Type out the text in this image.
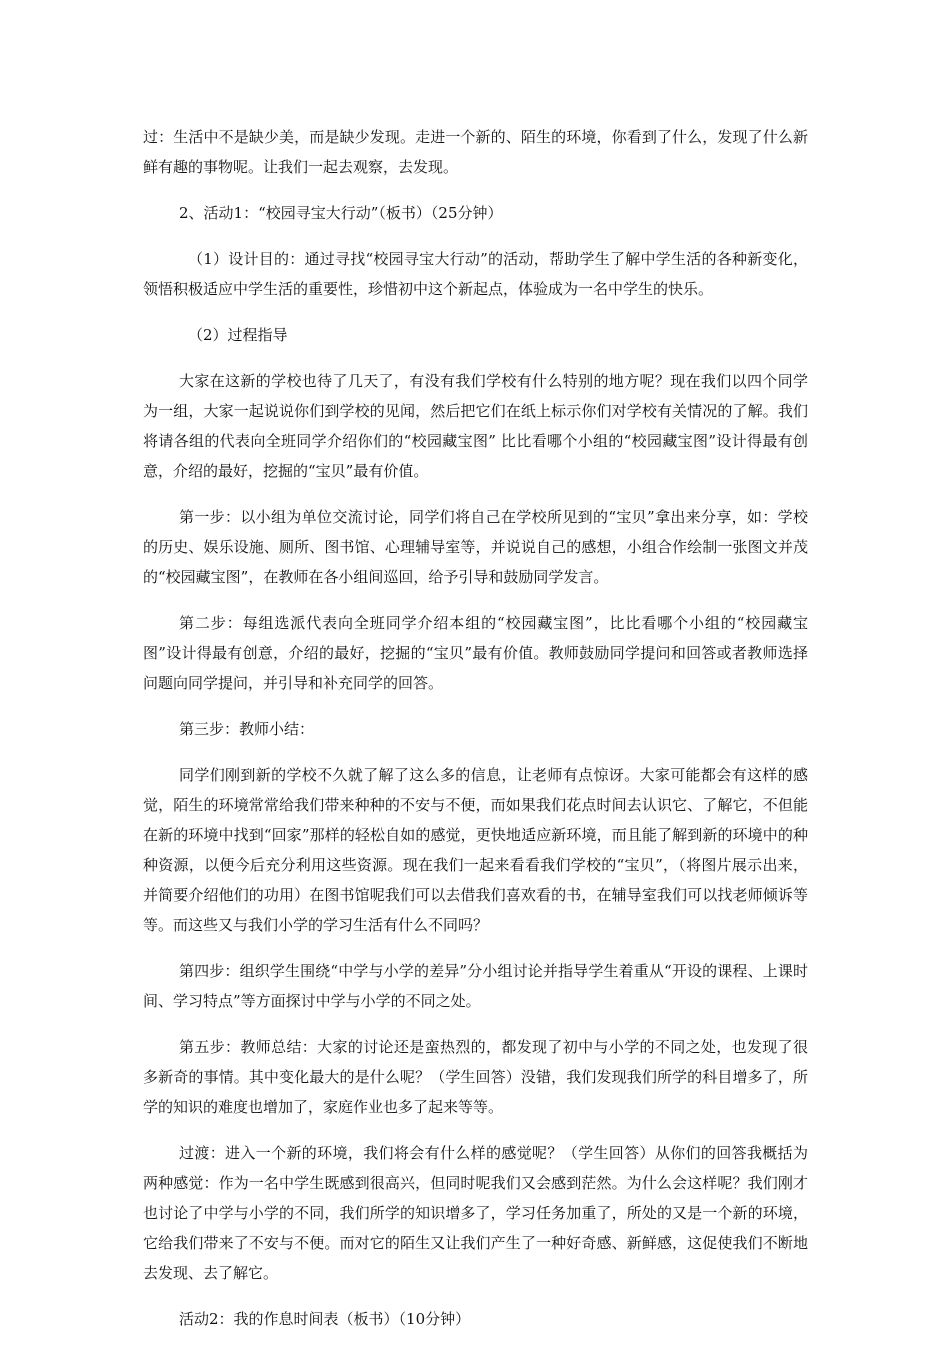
过：生活中不是缺少美，而是缺少发现。走进一个新的、陌生的环境，你看到了什么，发现了什么新鲜有趣的事物呢。让我们一起去观察，去发现。

2、活动1：“校园寻宝大行动”（板书）（25分钟）

（1）设计目的：通过寻找“校园寻宝大行动”的活动，帮助学生了解中学生活的各种新变化，领悟积极适应中学生活的重要性，珍惜初中这个新起点，体验成为一名中学生的快乐。

（2）过程指导

大家在这新的学校也待了几天了，有没有我们学校有什么特别的地方呢？现在我们以四个同学为一组，大家一起说说你们到学校的见闻，然后把它们在纸上标示你们对学校有关情况的了解。我们将请各组的代表向全班同学介绍你们的“校园藏宝图” 比比看哪个小组的“校园藏宝图”设计得最有创意，介绍的最好，挖掘的“宝贝”最有价值。

第一步：以小组为单位交流讨论，同学们将自己在学校所见到的“宝贝”拿出来分享，如：学校的历史、娱乐设施、厕所、图书馆、心理辅导室等，并说说自己的感想，小组合作绘制一张图文并茂的“校园藏宝图”，在教师在各小组间巡回，给予引导和鼓励同学发言。

第二步：每组选派代表向全班同学介绍本组的“校园藏宝图”，比比看哪个小组的“校园藏宝图”设计得最有创意，介绍的最好，挖掘的“宝贝”最有价值。教师鼓励同学提问和回答或者教师选择问题向同学提问，并引导和补充同学的回答。

第三步：教师小结：

同学们刚到新的学校不久就了解了这么多的信息，让老师有点惊讶。大家可能都会有这样的感觉，陌生的环境常常给我们带来种种的不安与不便，而如果我们花点时间去认识它、了解它，不但能在新的环境中找到“回家”那样的轻松自如的感觉，更快地适应新环境，而且能了解到新的环境中的种种资源，以便今后充分利用这些资源。现在我们一起来看看我们学校的“宝贝”，（将图片展示出来，并简要介绍他们的功用）在图书馆呢我们可以去借我们喜欢看的书，在辅导室我们可以找老师倾诉等等。而这些又与我们小学的学习生活有什么不同吗？

第四步：组织学生围绕“中学与小学的差异”分小组讨论并指导学生着重从“开设的课程、上课时间、学习特点”等方面探讨中学与小学的不同之处。

第五步：教师总结：大家的讨论还是蛮热烈的，都发现了初中与小学的不同之处，也发现了很多新奇的事情。其中变化最大的是什么呢？（学生回答）没错，我们发现我们所学的科目增多了，所学的知识的难度也增加了，家庭作业也多了起来等等。

过渡：进入一个新的环境，我们将会有什么样的感觉呢？（学生回答）从你们的回答我概括为两种感觉：作为一名中学生既感到很高兴，但同时呢我们又会感到茫然。为什么会这样呢？我们刚才也讨论了中学与小学的不同，我们所学的知识增多了，学习任务加重了，所处的又是一个新的环境，它给我们带来了不安与不便。而对它的陌生又让我们产生了一种好奇感、新鲜感，这促使我们不断地去发现、去了解它。

活动2：我的作息时间表（板书）（10分钟）
